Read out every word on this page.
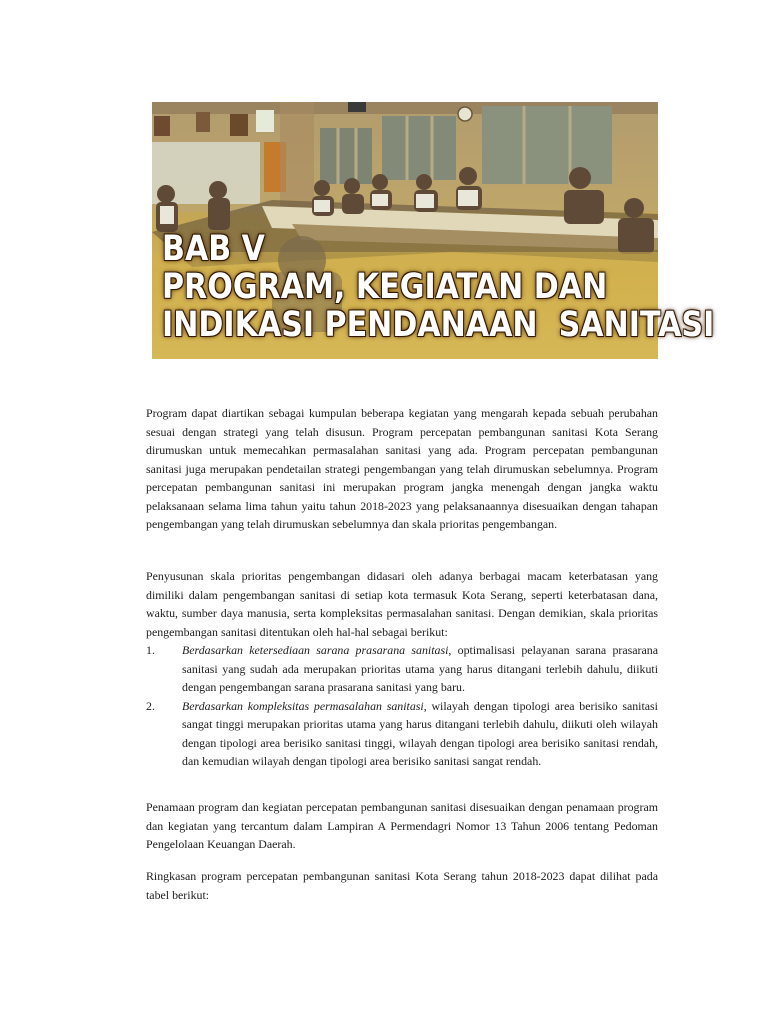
BAB V
PROGRAM, KEGIATAN DAN
INDIKASI PENDANAAN  SANITASI

Program dapat diartikan sebagai kumpulan beberapa kegiatan yang mengarah kepada sebuah perubahan sesuai dengan strategi yang telah disusun. Program percepatan pembangunan sanitasi Kota Serang dirumuskan untuk memecahkan permasalahan sanitasi yang ada. Program percepatan pembangunan sanitasi juga merupakan pendetailan strategi pengembangan yang telah dirumuskan sebelumnya. Program percepatan pembangunan sanitasi ini merupakan program jangka menengah dengan jangka waktu pelaksanaan selama lima tahun yaitu tahun 2018-2023 yang pelaksanaannya disesuaikan dengan tahapan pengembangan yang telah dirumuskan sebelumnya dan skala prioritas pengembangan.

Penyusunan skala prioritas pengembangan didasari oleh adanya berbagai macam keterbatasan yang dimiliki dalam pengembangan sanitasi di setiap kota termasuk Kota Serang, seperti keterbatasan dana, waktu, sumber daya manusia, serta kompleksitas permasalahan sanitasi. Dengan demikian, skala prioritas pengembangan sanitasi ditentukan oleh hal-hal sebagai berikut:

1. Berdasarkan ketersediaan sarana prasarana sanitasi, optimalisasi pelayanan sarana prasarana sanitasi yang sudah ada merupakan prioritas utama yang harus ditangani terlebih dahulu, diikuti dengan pengembangan sarana prasarana sanitasi yang baru.
2. Berdasarkan kompleksitas permasalahan sanitasi, wilayah dengan tipologi area berisiko sanitasi sangat tinggi merupakan prioritas utama yang harus ditangani terlebih dahulu, diikuti oleh wilayah dengan tipologi area berisiko sanitasi tinggi, wilayah dengan tipologi area berisiko sanitasi rendah, dan kemudian wilayah dengan tipologi area berisiko sanitasi sangat rendah.

Penamaan program dan kegiatan percepatan pembangunan sanitasi disesuaikan dengan penamaan program dan kegiatan yang tercantum dalam Lampiran A Permendagri Nomor 13 Tahun 2006 tentang Pedoman Pengelolaan Keuangan Daerah.

Ringkasan program percepatan pembangunan sanitasi Kota Serang tahun 2018-2023 dapat dilihat pada tabel berikut:
